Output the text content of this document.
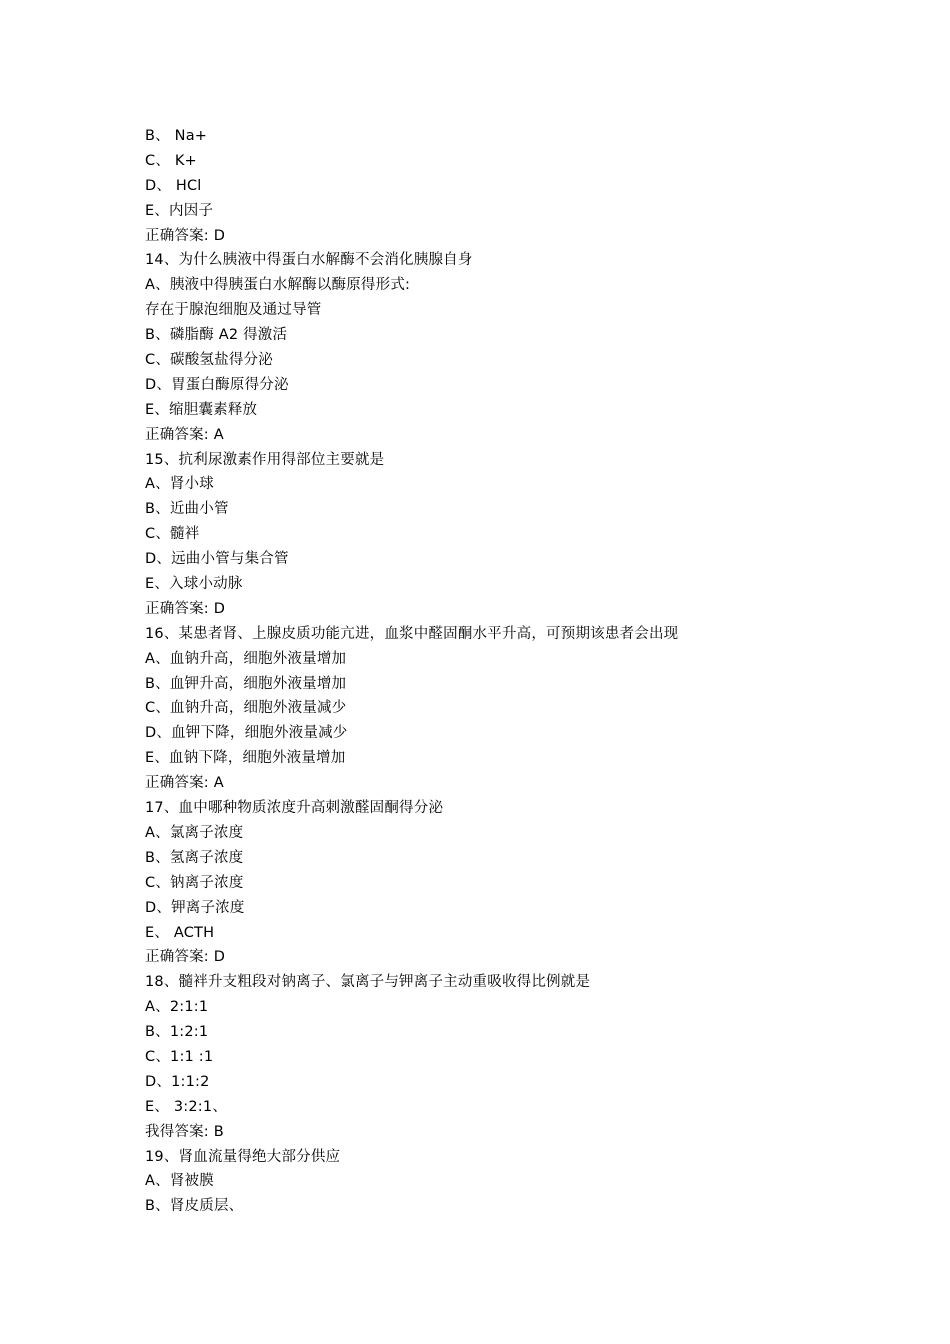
B、 Na+
C、 K+
D、 HCl
E、内因子
正确答案: D
14、为什么胰液中得蛋白水解酶不会消化胰腺自身
A、胰液中得胰蛋白水解酶以酶原得形式:
存在于腺泡细胞及通过导管
B、磷脂酶 A2 得激活
C、碳酸氢盐得分泌
D、胃蛋白酶原得分泌
E、缩胆囊素释放
正确答案: A
15、抗利尿激素作用得部位主要就是
A、肾小球
B、近曲小管
C、髓袢
D、远曲小管与集合管
E、入球小动脉
正确答案: D
16、某患者肾、上腺皮质功能亢进，血浆中醛固酮水平升高，可预期该患者会出现
A、血钠升高，细胞外液量增加
B、血钾升高，细胞外液量增加
C、血钠升高，细胞外液量减少
D、血钾下降，细胞外液量减少
E、血钠下降，细胞外液量增加
正确答案: A
17、血中哪种物质浓度升高刺激醛固酮得分泌
A、氯离子浓度
B、氢离子浓度
C、钠离子浓度
D、钾离子浓度
E、 ACTH
正确答案: D
18、髓袢升支粗段对钠离子、氯离子与钾离子主动重吸收得比例就是
A、2:1:1
B、1:2:1
C、1:1 :1
D、1:1:2
E、 3:2:1、
我得答案: B
19、肾血流量得绝大部分供应
A、肾被膜
B、肾皮质层、
